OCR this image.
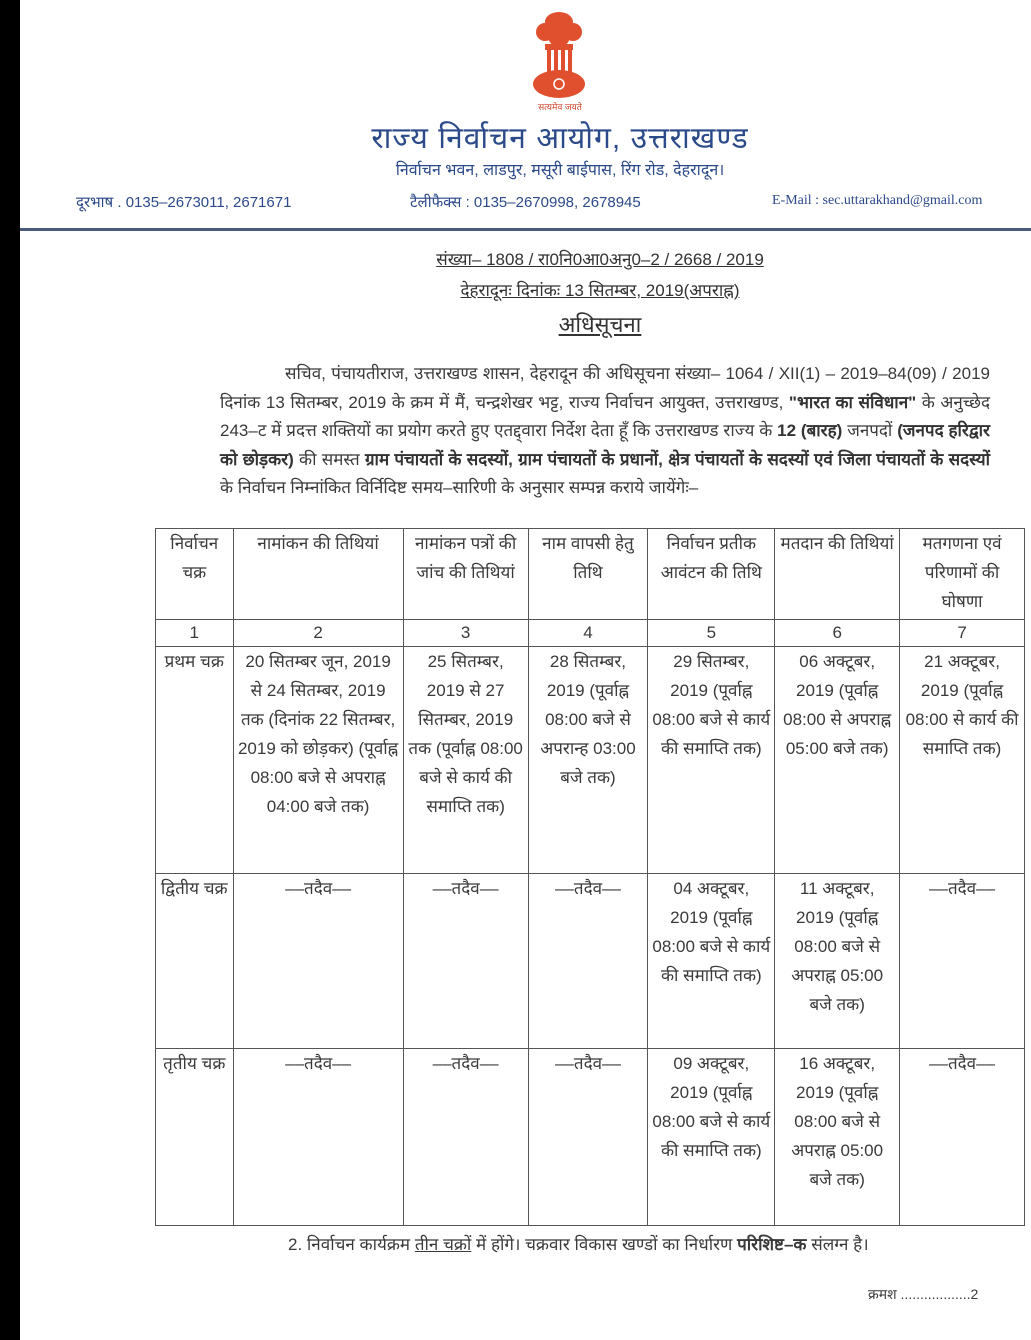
सत्यमेव जयते
राज्य निर्वाचन आयोग, उत्तराखण्ड
निर्वाचन भवन, लाडपुर, मसूरी बाईपास, रिंग रोड, देहरादून।
दूरभाष . 0135–2673011, 2671671	टैलीफैक्स : 0135–2670998, 2678945	E-Mail : sec.uttarakhand@gmail.com
संख्या– 1808 / रा0नि0आ0अनु0–2 / 2668 / 2019
देहरादूनः दिनांकः 13 सितम्बर, 2019(अपराह्न)
अधिसूचना
सचिव, पंचायतीराज, उत्तराखण्ड शासन, देहरादून की अधिसूचना संख्या– 1064 / XII(1) – 2019–84(09) / 2019 दिनांक 13 सितम्बर, 2019 के क्रम में मैं, चन्द्रशेखर भट्ट, राज्य निर्वाचन आयुक्त, उत्तराखण्ड, "भारत का संविधान" के अनुच्छेद 243–ट में प्रदत्त शक्तियों का प्रयोग करते हुए एतद्द्वारा निर्देश देता हूँ कि उत्तराखण्ड राज्य के 12 (बारह) जनपदों (जनपद हरिद्वार को छोड़कर) की समस्त ग्राम पंचायतों के सदस्यों, ग्राम पंचायतों के प्रधानों, क्षेत्र पंचायतों के सदस्यों एवं जिला पंचायतों के सदस्यों के निर्वाचन निम्नांकित विर्निदिष्ट समय–सारिणी के अनुसार सम्पन्न कराये जायेंगेः–
निर्वाचन चक्र	नामांकन की तिथियां	नामांकन पत्रों की जांच की तिथियां	नाम वापसी हेतु तिथि	निर्वाचन प्रतीक आवंटन की तिथि	मतदान की तिथियां	मतगणना एवं परिणामों की घोषणा
1	2	3	4	5	6	7
प्रथम चक्र	20 सितम्बर जून, 2019 से 24 सितम्बर, 2019 तक (दिनांक 22 सितम्बर, 2019 को छोड़कर) (पूर्वाह्न 08:00 बजे से अपराह्न 04:00 बजे तक)	25 सितम्बर, 2019 से 27 सितम्बर, 2019 तक (पूर्वाह्न 08:00 बजे से कार्य की समाप्ति तक)	28 सितम्बर, 2019 (पूर्वाह्न 08:00 बजे से अपरान्ह 03:00 बजे तक)	29 सितम्बर, 2019 (पूर्वाह्न 08:00 बजे से कार्य की समाप्ति तक)	06 अक्टूबर, 2019 (पूर्वाह्न 08:00 से अपराह्न 05:00 बजे तक)	21 अक्टूबर, 2019 (पूर्वाह्न 08:00 से कार्य की समाप्ति तक)
द्वितीय चक्र	––तदैव––	––तदैव––	––तदैव––	04 अक्टूबर, 2019 (पूर्वाह्न 08:00 बजे से कार्य की समाप्ति तक)	11 अक्टूबर, 2019 (पूर्वाह्न 08:00 बजे से अपराह्न 05:00 बजे तक)	––तदैव––
तृतीय चक्र	––तदैव––	––तदैव––	––तदैव––	09 अक्टूबर, 2019 (पूर्वाह्न 08:00 बजे से कार्य की समाप्ति तक)	16 अक्टूबर, 2019 (पूर्वाह्न 08:00 बजे से अपराह्न 05:00 बजे तक)	––तदैव––
2. निर्वाचन कार्यक्रम तीन चक्रों में होंगे। चक्रवार विकास खण्डों का निर्धारण परिशिष्ट–क संलग्न है।
क्रमश ..................2
